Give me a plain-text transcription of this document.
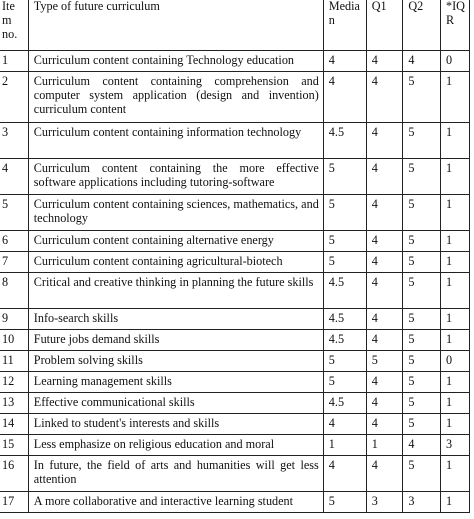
Ite m no.	Type of future curriculum	Media n	Q1	Q2	*IQ R
1	Curriculum content containing Technology education	4	4	4	0
2	Curriculum content containing comprehension and computer system application (design and invention) curriculum content	4	4	5	1
3	Curriculum content containing information technology	4.5	4	5	1
4	Curriculum content containing the more effective software applications including tutoring-software	5	4	5	1
5	Curriculum content containing sciences, mathematics, and technology	5	4	5	1
6	Curriculum content containing alternative energy	5	4	5	1
7	Curriculum content containing agricultural-biotech	5	4	5	1
8	Critical and creative thinking in planning the future skills	4.5	4	5	1
9	Info-search skills	4.5	4	5	1
10	Future jobs demand skills	4.5	4	5	1
11	Problem solving skills	5	5	5	0
12	Learning management skills	5	4	5	1
13	Effective communicational skills	4.5	4	5	1
14	Linked to student's interests and skills	4	4	5	1
15	Less emphasize on religious education and moral	1	1	4	3
16	In future, the field of arts and humanities will get less attention	4	4	5	1
17	A more collaborative and interactive learning student	5	3	3	1
